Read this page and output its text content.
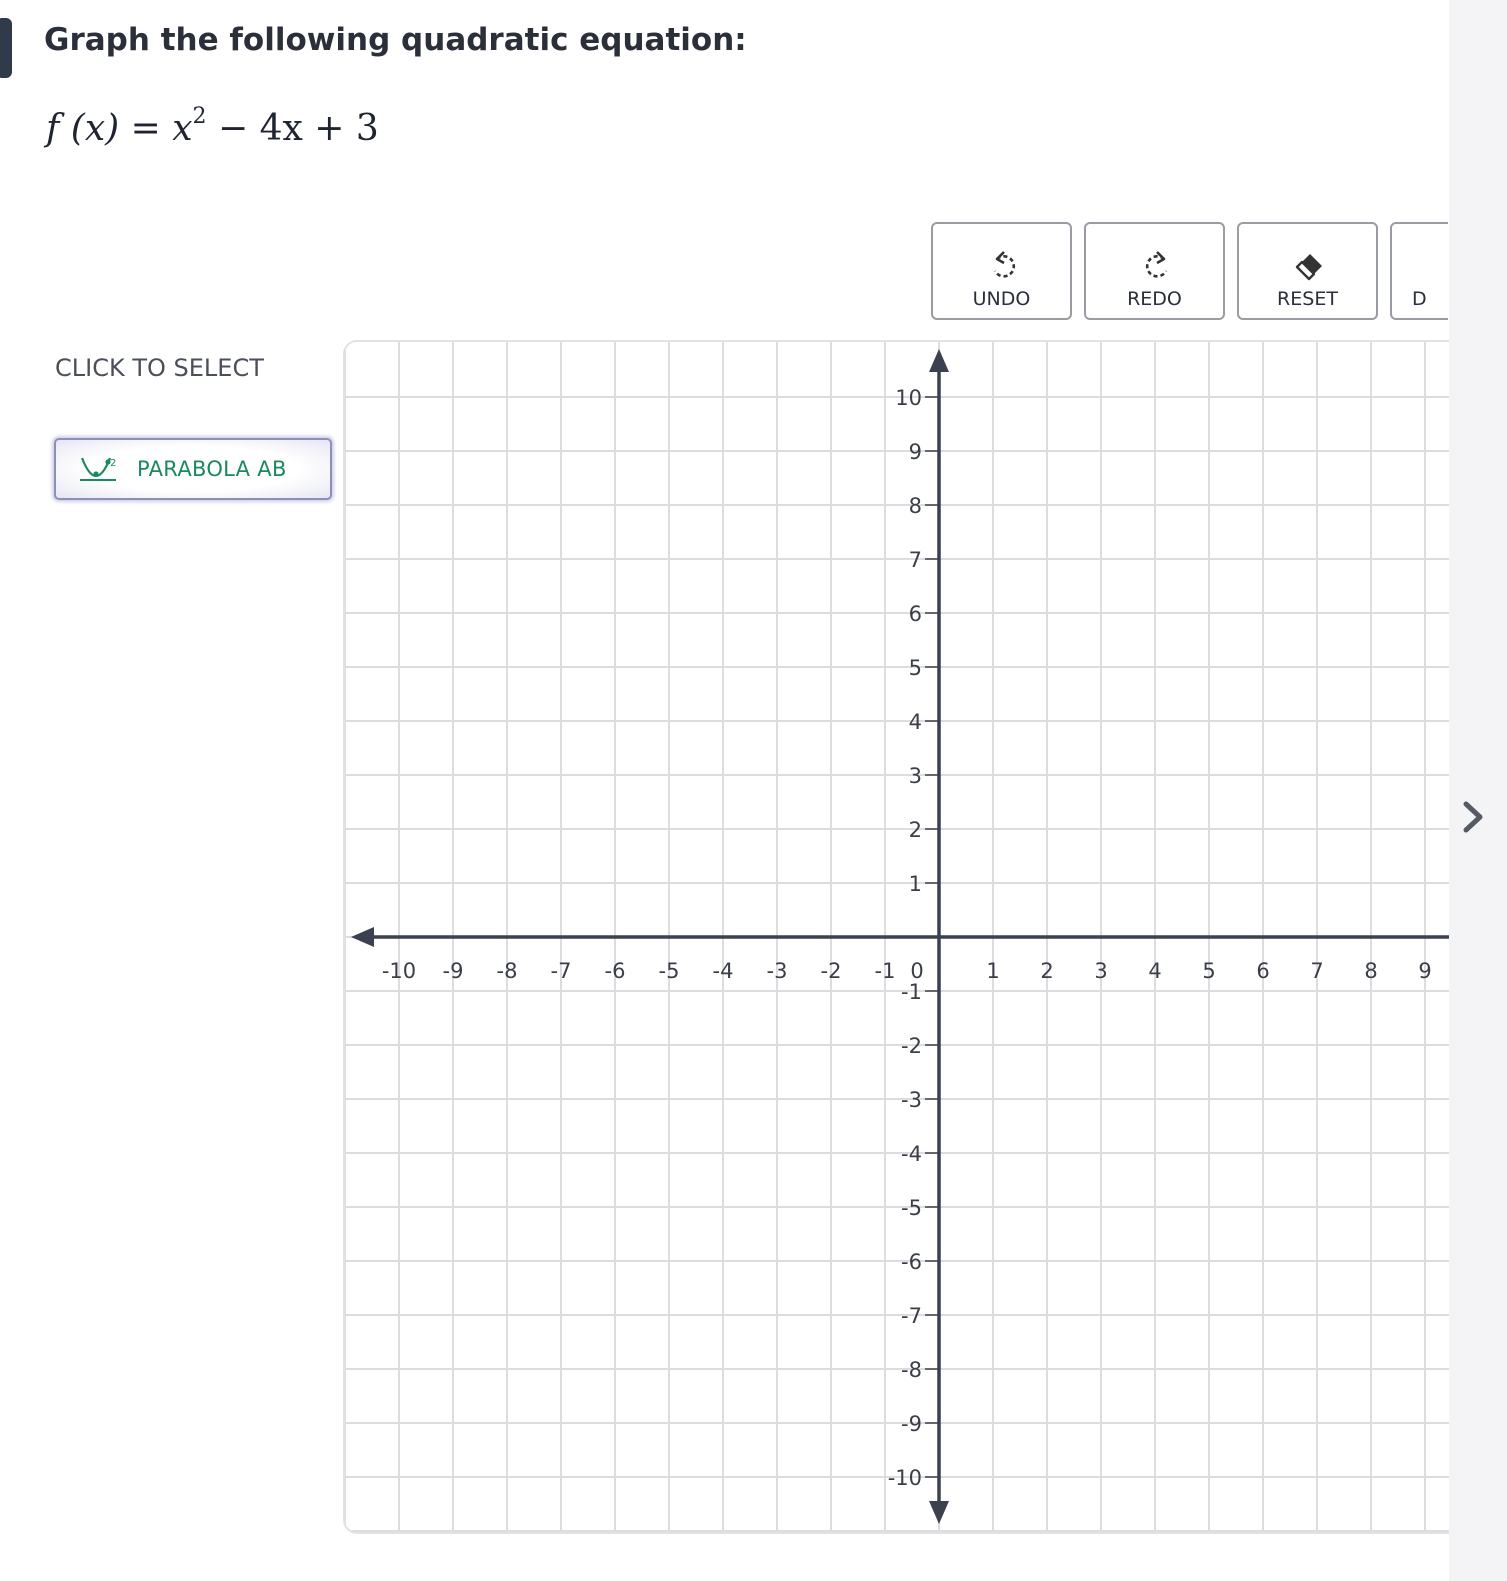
Graph the following quadratic equation:
f $(x) = x^2 - 4x + 3$
UNDO	REDO	RESET	D
CLICK TO SELECT
2 PARABOLA AB
-10 -9 -8 -7 -6 -5 -4 -3 -2 -1 0	1 2 3 4 5 6 7 8 9
10
9
8
7
6
5
4
3
2
1
-1
-2
-3
-4
-5
-6
-7
-8
-9
-10
